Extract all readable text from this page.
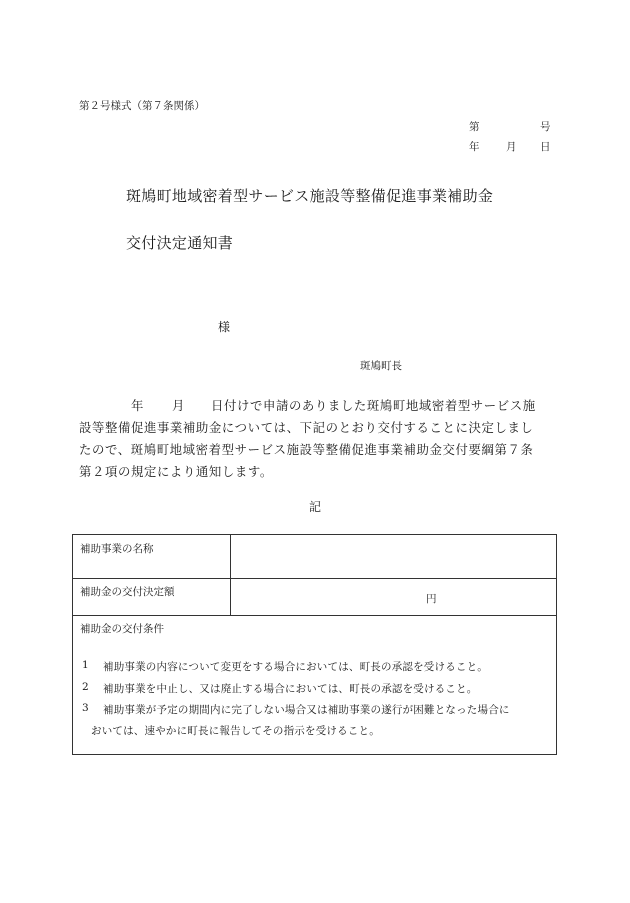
第２号様式（第７条関係）
第	号
年	月 日
斑鳩町地域密着型サービス施設等整備促進事業補助金
交付決定通知書
様
斑鳩町長
年 月 日付けで申請のありました斑鳩町地域密着型サービス施
設等整備促進事業補助金については、下記のとおり交付することに決定しまし
たので、斑鳩町地域密着型サービス施設等整備促進事業補助金交付要綱第７条
第２項の規定により通知します。
記
補助事業の名称
補助金の交付決定額
円
補助金の交付条件
1 補助事業の内容について変更をする場合においては、町長の承認を受けること。
2 補助事業を中止し、又は廃止する場合においては、町長の承認を受けること。
3 補助事業が予定の期間内に完了しない場合又は補助事業の遂行が困難となった場合に
おいては、速やかに町長に報告してその指示を受けること。
